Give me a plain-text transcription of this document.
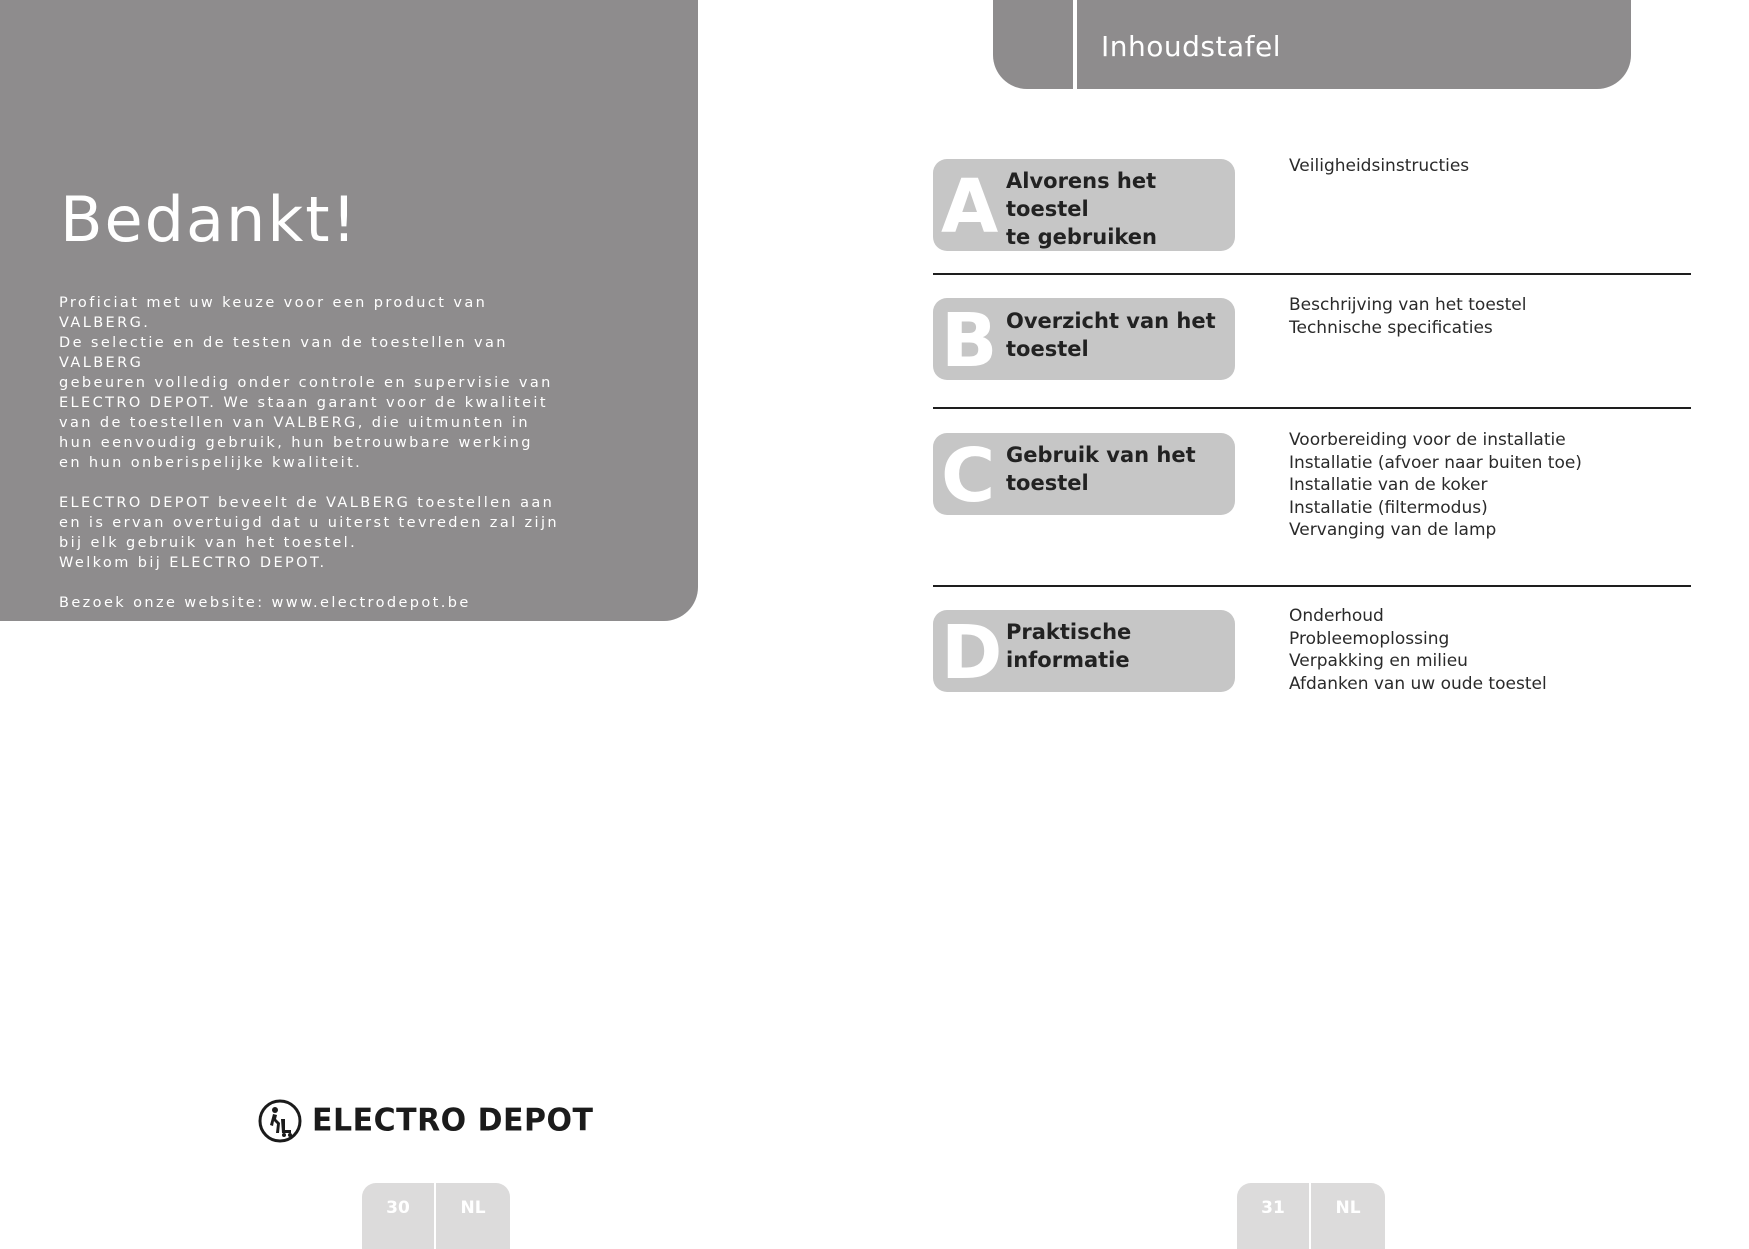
Bedankt!

Proficiat met uw keuze voor een product van VALBERG.
De selectie en de testen van de toestellen van VALBERG
gebeuren volledig onder controle en supervisie van
ELECTRO DEPOT. We staan garant voor de kwaliteit
van de toestellen van VALBERG, die uitmunten in
hun eenvoudig gebruik, hun betrouwbare werking
en hun onberispelijke kwaliteit.

ELECTRO DEPOT beveelt de VALBERG toestellen aan
en is ervan overtuigd dat u uiterst tevreden zal zijn
bij elk gebruik van het toestel.
Welkom bij ELECTRO DEPOT.

Bezoek onze website: www.electrodepot.be

ELECTRO DEPOT
30	NL
Inhoudstafel
A Alvorens het toestel
te gebruiken
Veiligheidsinstructies
B Overzicht van het
toestel
Beschrijving van het toestel
Technische specificaties
C Gebruik van het
toestel
Voorbereiding voor de installatie
Installatie (afvoer naar buiten toe)
Installatie van de koker
Installatie (filtermodus)
Vervanging van de lamp
D Praktische
informatie
Onderhoud
Probleemoplossing
Verpakking en milieu
Afdanken van uw oude toestel
31	NL
